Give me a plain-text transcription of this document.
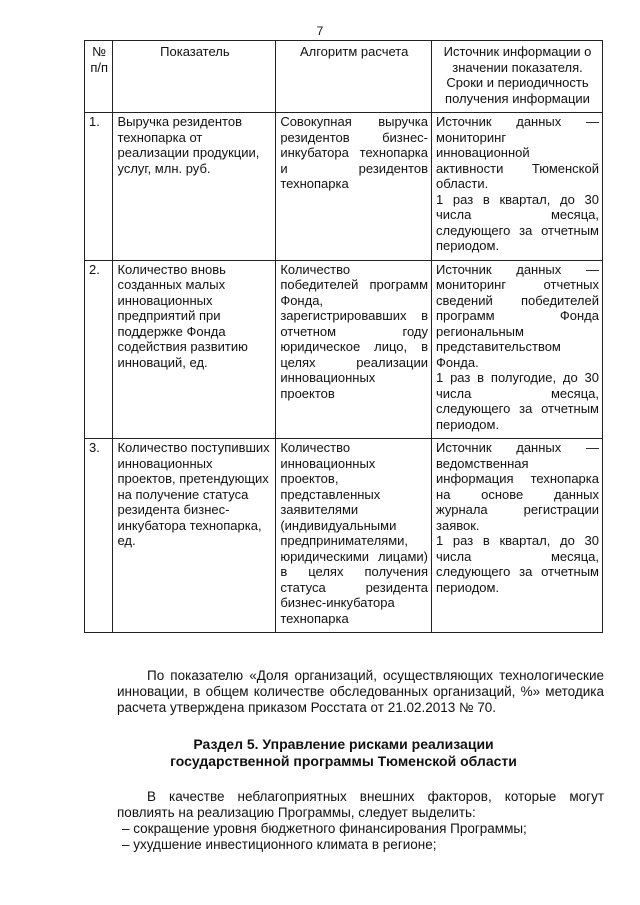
7
№ п/п	Показатель	Алгоритм расчета	Источник информации о значении показателя. Сроки и периодичность получения информации
1.	Выручка резидентов технопарка от реализации продукции, услуг, млн. руб.	Совокупная выручка резидентов бизнес-инкубатора технопарка и резидентов технопарка	Источник данных — мониторинг инновационной активности Тюменской области.
1 раз в квартал, до 30 числа месяца, следующего за отчетным периодом.

2.	Количество вновь созданных малых инновационных предприятий при поддержке Фонда содействия развитию инноваций, ед.	Количество победителей программ Фонда, зарегистрировавших в отчетном году юридическое лицо, в целях реализации инновационных проектов	Источник данных — мониторинг отчетных сведений победителей программ Фонда региональным представительством Фонда.
1 раз в полугодие, до 30 числа месяца, следующего за отчетным периодом.

3.	Количество поступивших инновационных проектов, претендующих на получение статуса резидента бизнес-инкубатора технопарка, ед.	Количество инновационных проектов, представленных заявителями (индивидуальными предпринимателями, юридическими лицами) в целях получения статуса резидента бизнес-инкубатора технопарка	Источник данных — ведомственная информация технопарка на основе данных журнала регистрации заявок.
1 раз в квартал, до 30 числа месяца, следующего за отчетным периодом.
По показателю «Доля организаций, осуществляющих технологические инновации, в общем количестве обследованных организаций, %» методика расчета утверждена приказом Росстата от 21.02.2013 № 70.
Раздел 5. Управление рисками реализации
государственной программы Тюменской области
В качестве неблагоприятных внешних факторов, которые могут повлиять на реализацию Программы, следует выделить:
– сокращение уровня бюджетного финансирования Программы;
– ухудшение инвестиционного климата в регионе;
